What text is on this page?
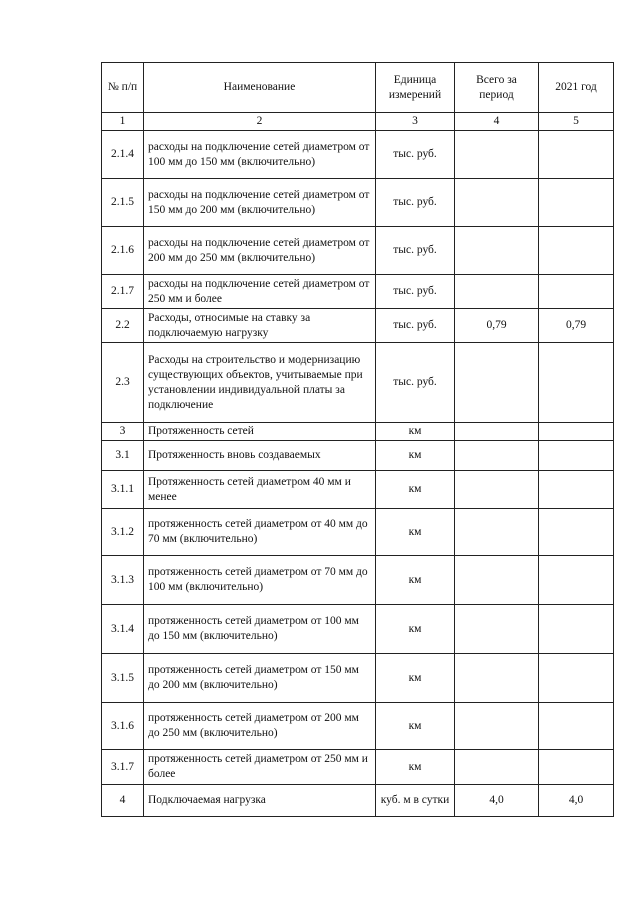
№ п/п	Наименование	Единица измерений	Всего за период	2021 год
1	2	3	4	5
2.1.4	расходы на подключение сетей диаметром от 100 мм до 150 мм (включительно)	тыс. руб.		
2.1.5	расходы на подключение сетей диаметром от 150 мм до 200 мм (включительно)	тыс. руб.		
2.1.6	расходы на подключение сетей диаметром от 200 мм до 250 мм (включительно)	тыс. руб.		
2.1.7	расходы на подключение сетей диаметром от 250 мм и более	тыс. руб.		
2.2	Расходы, относимые на ставку за подключаемую нагрузку	тыс. руб.	0,79	0,79
2.3	Расходы на строительство и модернизацию существующих объектов, учитываемые при установлении индивидуальной платы за подключение	тыс. руб.		
3	Протяженность сетей	км		
3.1	Протяженность вновь создаваемых	км		
3.1.1	Протяженность сетей диаметром 40 мм и менее	км		
3.1.2	протяженность сетей диаметром от 40 мм до 70 мм (включительно)	км		
3.1.3	протяженность сетей диаметром от 70 мм до 100 мм (включительно)	км		
3.1.4	протяженность сетей диаметром от 100 мм до 150 мм (включительно)	км		
3.1.5	протяженность сетей диаметром от 150 мм до 200 мм (включительно)	км		
3.1.6	протяженность сетей диаметром от 200 мм до 250 мм (включительно)	км		
3.1.7	протяженность сетей диаметром от 250 мм и более	км		
4	Подключаемая нагрузка	куб. м в сутки	4,0	4,0
